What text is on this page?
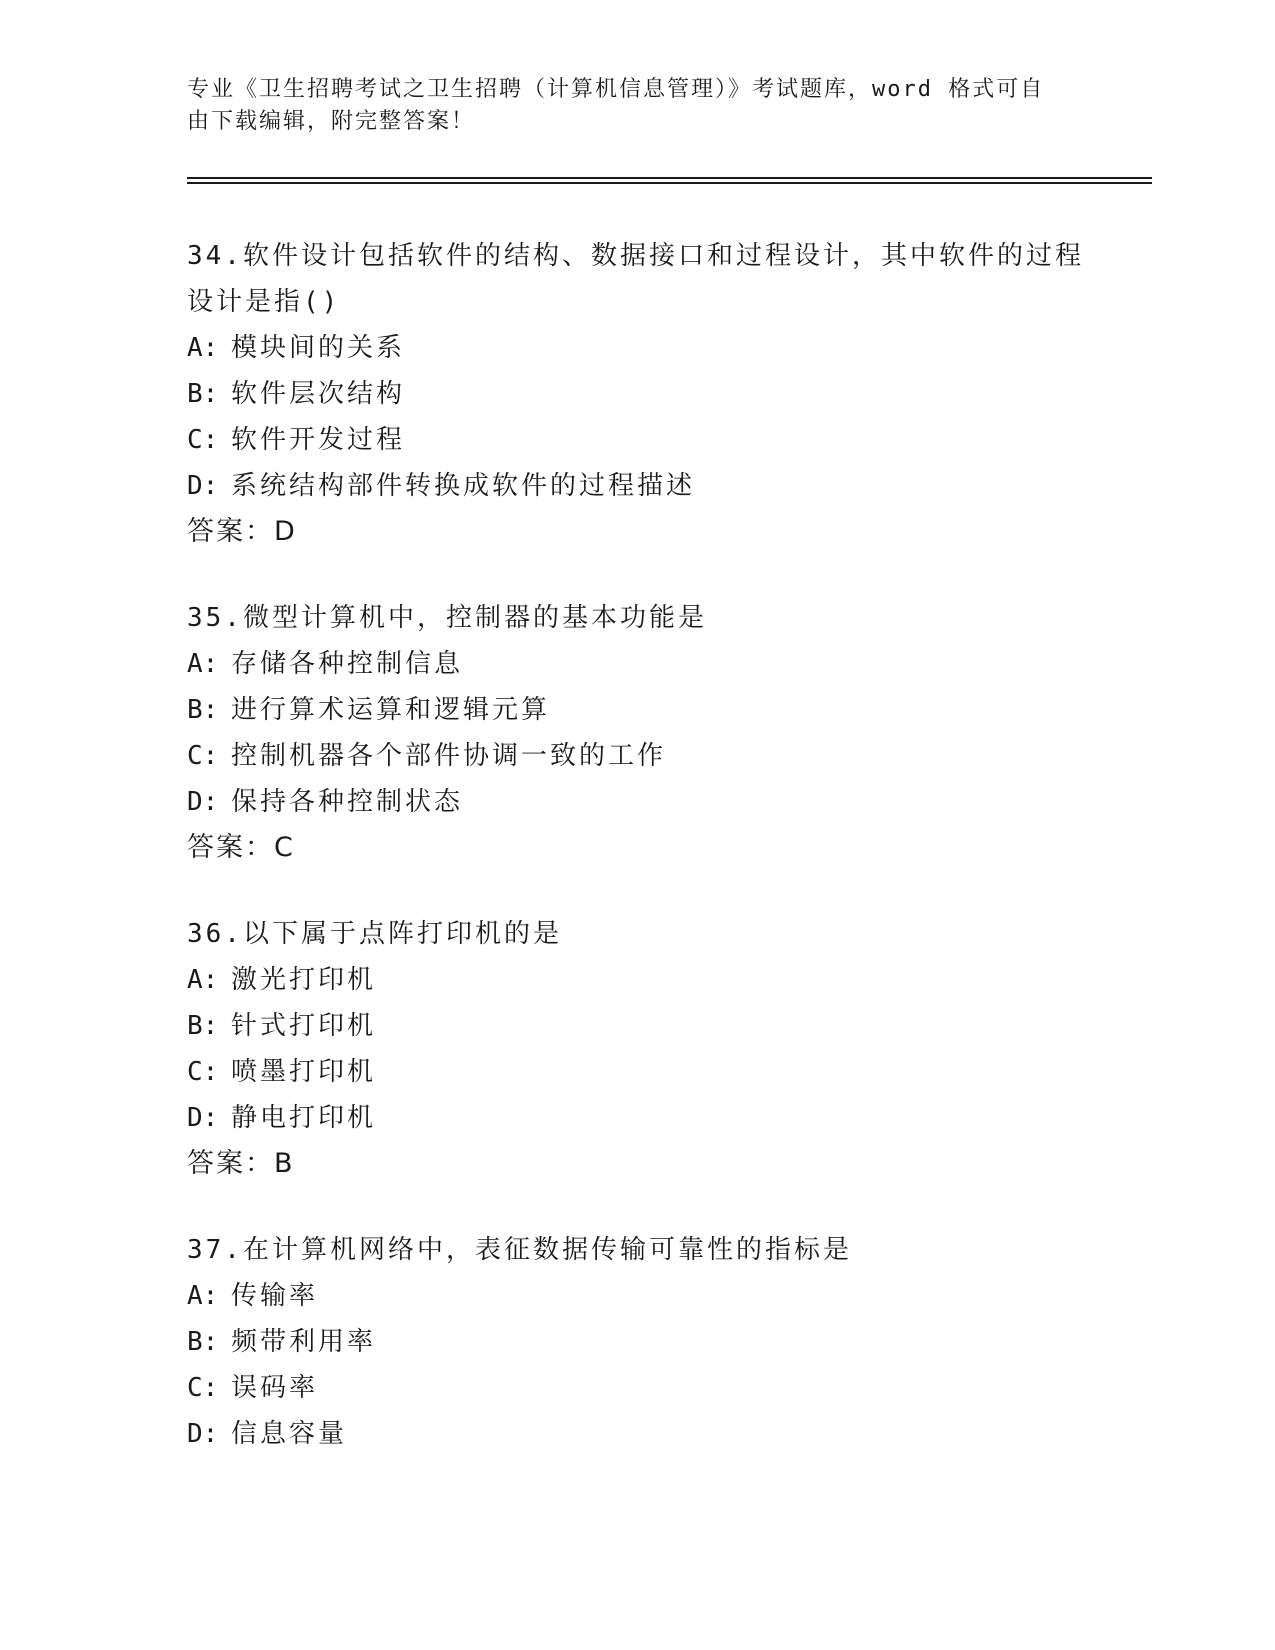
专业《卫生招聘考试之卫生招聘（计算机信息管理）》考试题库，word 格式可自
由下载编辑，附完整答案！
34.软件设计包括软件的结构、数据接口和过程设计，其中软件的过程设计是指()
A: 模块间的关系
B: 软件层次结构
C: 软件开发过程
D: 系统结构部件转换成软件的过程描述
答案：D
35.微型计算机中，控制器的基本功能是
A: 存储各种控制信息
B: 进行算术运算和逻辑元算
C: 控制机器各个部件协调一致的工作
D: 保持各种控制状态
答案：C
36.以下属于点阵打印机的是
A: 激光打印机
B: 针式打印机
C: 喷墨打印机
D: 静电打印机
答案：B
37.在计算机网络中，表征数据传输可靠性的指标是
A: 传输率
B: 频带利用率
C: 误码率
D: 信息容量
